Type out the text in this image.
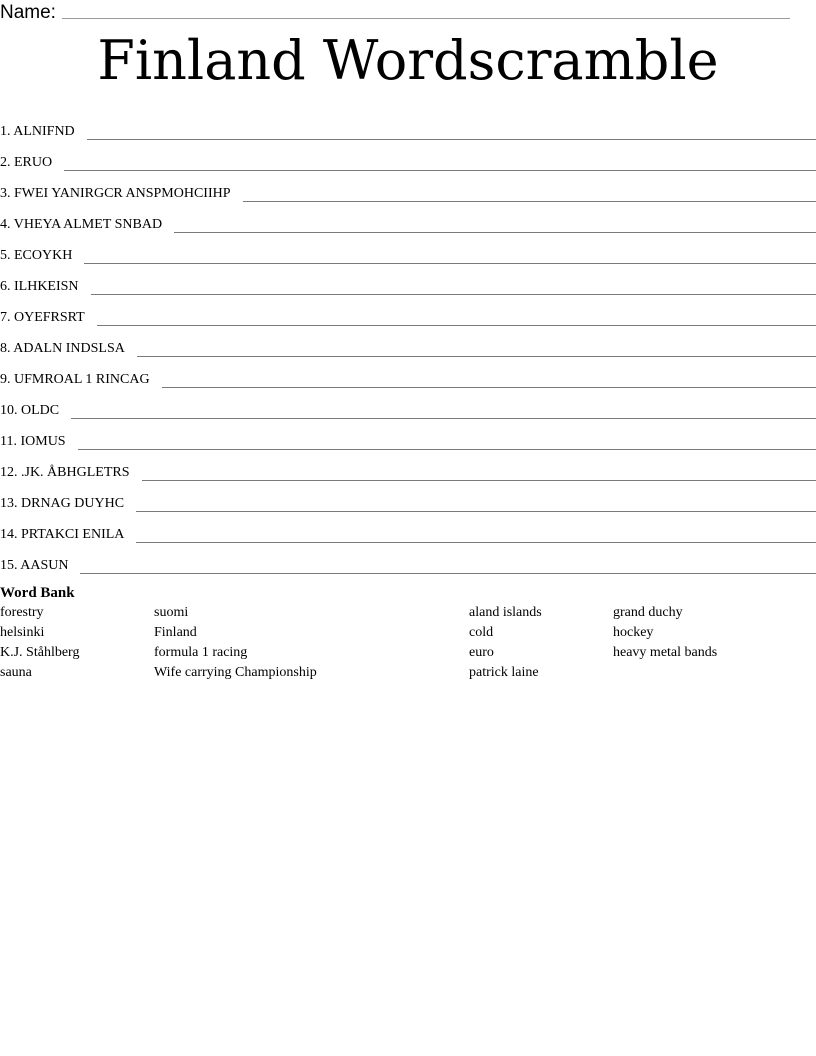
Name:
Finland Wordscramble
1. ALNIFND
2. ERUO
3. FWEI YANIRGCR ANSPMOHCIIHP
4. VHEYA ALMET SNBAD
5. ECOYKH
6. ILHKEISN
7. OYEFRSRT
8. ADALN INDSLSA
9. UFMROAL 1 RINCAG
10. OLDC
11. IOMUS
12. .JK. ÅBHGLETRS
13. DRNAG DUYHC
14. PRTAKCI ENILA
15. AASUN
Word Bank
forestry
helsinki
K.J. Ståhlberg
sauna
suomi
Finland
formula 1 racing
Wife carrying Championship
aland islands
cold
euro
patrick laine
grand duchy
hockey
heavy metal bands
